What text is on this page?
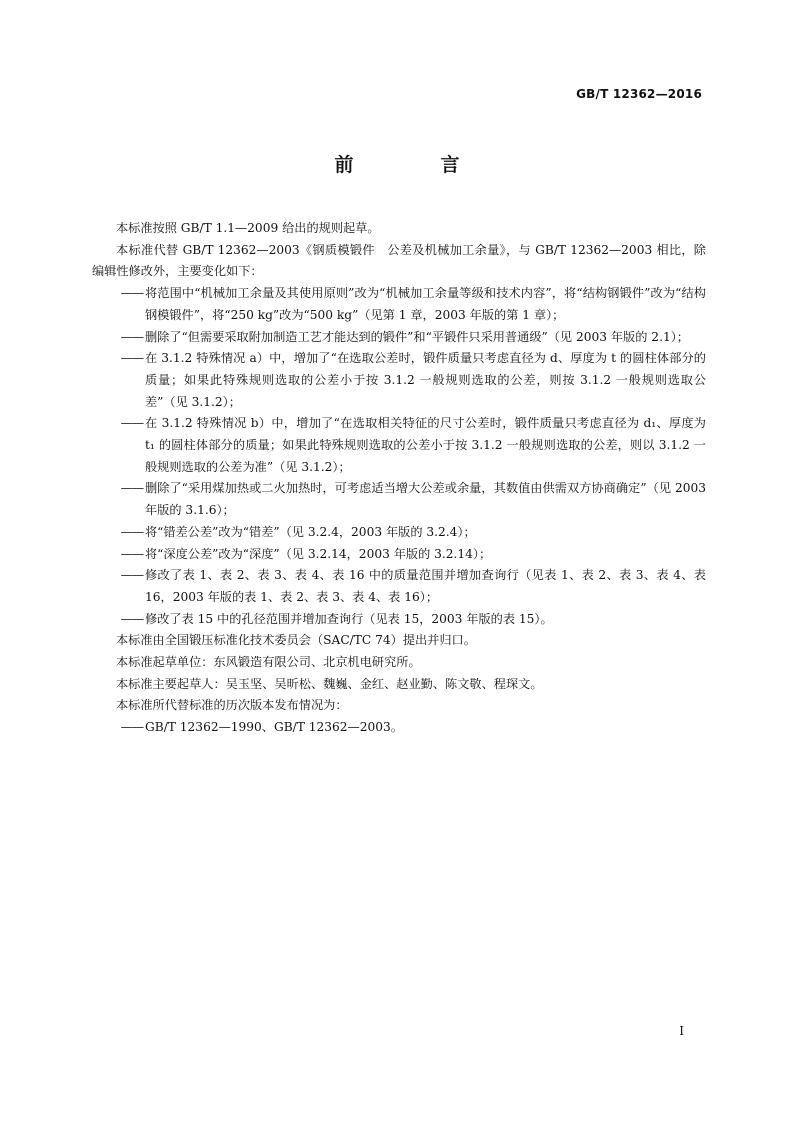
GB/T 12362—2016
前　言

本标准按照 GB/T 1.1—2009 给出的规则起草。

本标准代替 GB/T 12362—2003《钢质模锻件　公差及机械加工余量》，与 GB/T 12362—2003 相比，除编辑性修改外，主要变化如下：

—— 将范围中“机械加工余量及其使用原则”改为“机械加工余量等级和技术内容”，将“结构钢锻件”改为“结构钢模锻件”，将“250 kg”改为“500 kg”（见第 1 章，2003 年版的第 1 章）；
—— 删除了“但需要采取附加制造工艺才能达到的锻件”和“平锻件只采用普通级”（见 2003 年版的 2.1）；
—— 在 3.1.2 特殊情况 a）中，增加了“在选取公差时，锻件质量只考虑直径为 d、厚度为 t 的圆柱体部分的质量；如果此特殊规则选取的公差小于按 3.1.2 一般规则选取的公差，则按 3.1.2 一般规则选取公差”（见 3.1.2）；
—— 在 3.1.2 特殊情况 b）中，增加了“在选取相关特征的尺寸公差时，锻件质量只考虑直径为 d₁、厚度为 t₁ 的圆柱体部分的质量；如果此特殊规则选取的公差小于按 3.1.2 一般规则选取的公差，则以 3.1.2 一般规则选取的公差为准”（见 3.1.2）；
—— 删除了“采用煤加热或二火加热时，可考虑适当增大公差或余量，其数值由供需双方协商确定”（见 2003 年版的 3.1.6）；
—— 将“错差公差”改为“错差”（见 3.2.4，2003 年版的 3.2.4）；
—— 将“深度公差”改为“深度”（见 3.2.14，2003 年版的 3.2.14）；
—— 修改了表 1、表 2、表 3、表 4、表 16 中的质量范围并增加查询行（见表 1、表 2、表 3、表 4、表 16，2003 年版的表 1、表 2、表 3、表 4、表 16）；
—— 修改了表 15 中的孔径范围并增加查询行（见表 15，2003 年版的表 15）。

本标准由全国锻压标准化技术委员会（SAC/TC 74）提出并归口。

本标准起草单位：东风锻造有限公司、北京机电研究所。

本标准主要起草人：吴玉坚、吴昕松、魏巍、金红、赵业勤、陈文敬、程琛文。

本标准所代替标准的历次版本发布情况为：

—— GB/T 12362—1990、GB/T 12362—2003。
I
